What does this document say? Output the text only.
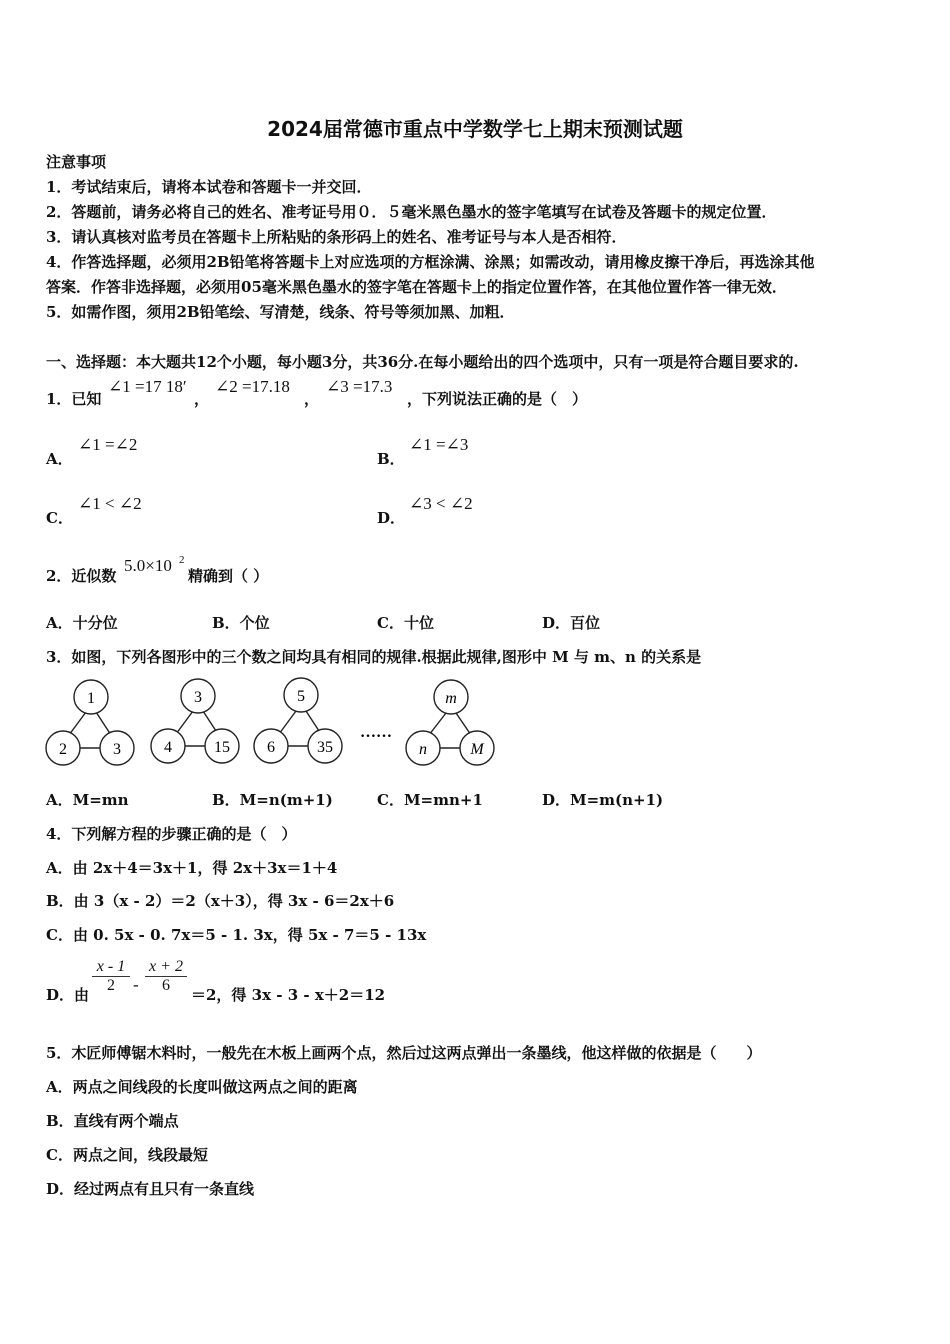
2024届常德市重点中学数学七上期末预测试题
注意事项
1．考试结束后，请将本试卷和答题卡一并交回．
2．答题前，请务必将自己的姓名、准考证号用０．５毫米黑色墨水的签字笔填写在试卷及答题卡的规定位置．
3．请认真核对监考员在答题卡上所粘贴的条形码上的姓名、准考证号与本人是否相符．
4．作答选择题，必须用2B铅笔将答题卡上对应选项的方框涂满、涂黑；如需改动，请用橡皮擦干净后，再选涂其他
答案．作答非选择题，必须用05毫米黑色墨水的签字笔在答题卡上的指定位置作答，在其他位置作答一律无效．
5．如需作图，须用2B铅笔绘、写清楚，线条、符号等须加黑、加粗．
一、选择题：本大题共12个小题，每小题3分，共36分.在每小题给出的四个选项中，只有一项是符合题目要求的.
1．已知
∠1 =17 18′
，
∠2 =17.18
，
∠3 =17.3
，下列说法正确的是（　）
A．
∠1 =∠2
B．
∠1 =∠3
C．
∠1 < ∠2
D．
∠3 < ∠2
2．近似数
5.0×10 2
精确到（ ）
A．十分位	B．个位	C．十位	D．百位
3．如图，下列各图形中的三个数之间均具有相同的规律.根据此规律,图形中 M 与 m、n 的关系是
1
2	3
3
4	15
5
6	35
……
m
n	M
A．M=mn	B．M=n(m+1)	C．M=mn+1	D．M=m(n+1)
4．下列解方程的步骤正确的是（　）
A．由 2x＋4＝3x＋1，得 2x＋3x＝1＋4
B．由 3（x - 2）＝2（x＋3），得 3x - 6＝2x＋6
C．由 0. 5x - 0. 7x＝5 - 1. 3x，得 5x - 7＝5 - 13x
D．由 $\frac{x - 1}{2} - \frac{x + 2}{6} =2$，得 3x - 3 - x＋2＝12
5．木匠师傅锯木料时，一般先在木板上画两个点，然后过这两点弹出一条墨线，他这样做的依据是（　　）
A．两点之间线段的长度叫做这两点之间的距离
B．直线有两个端点
C．两点之间，线段最短
D．经过两点有且只有一条直线
